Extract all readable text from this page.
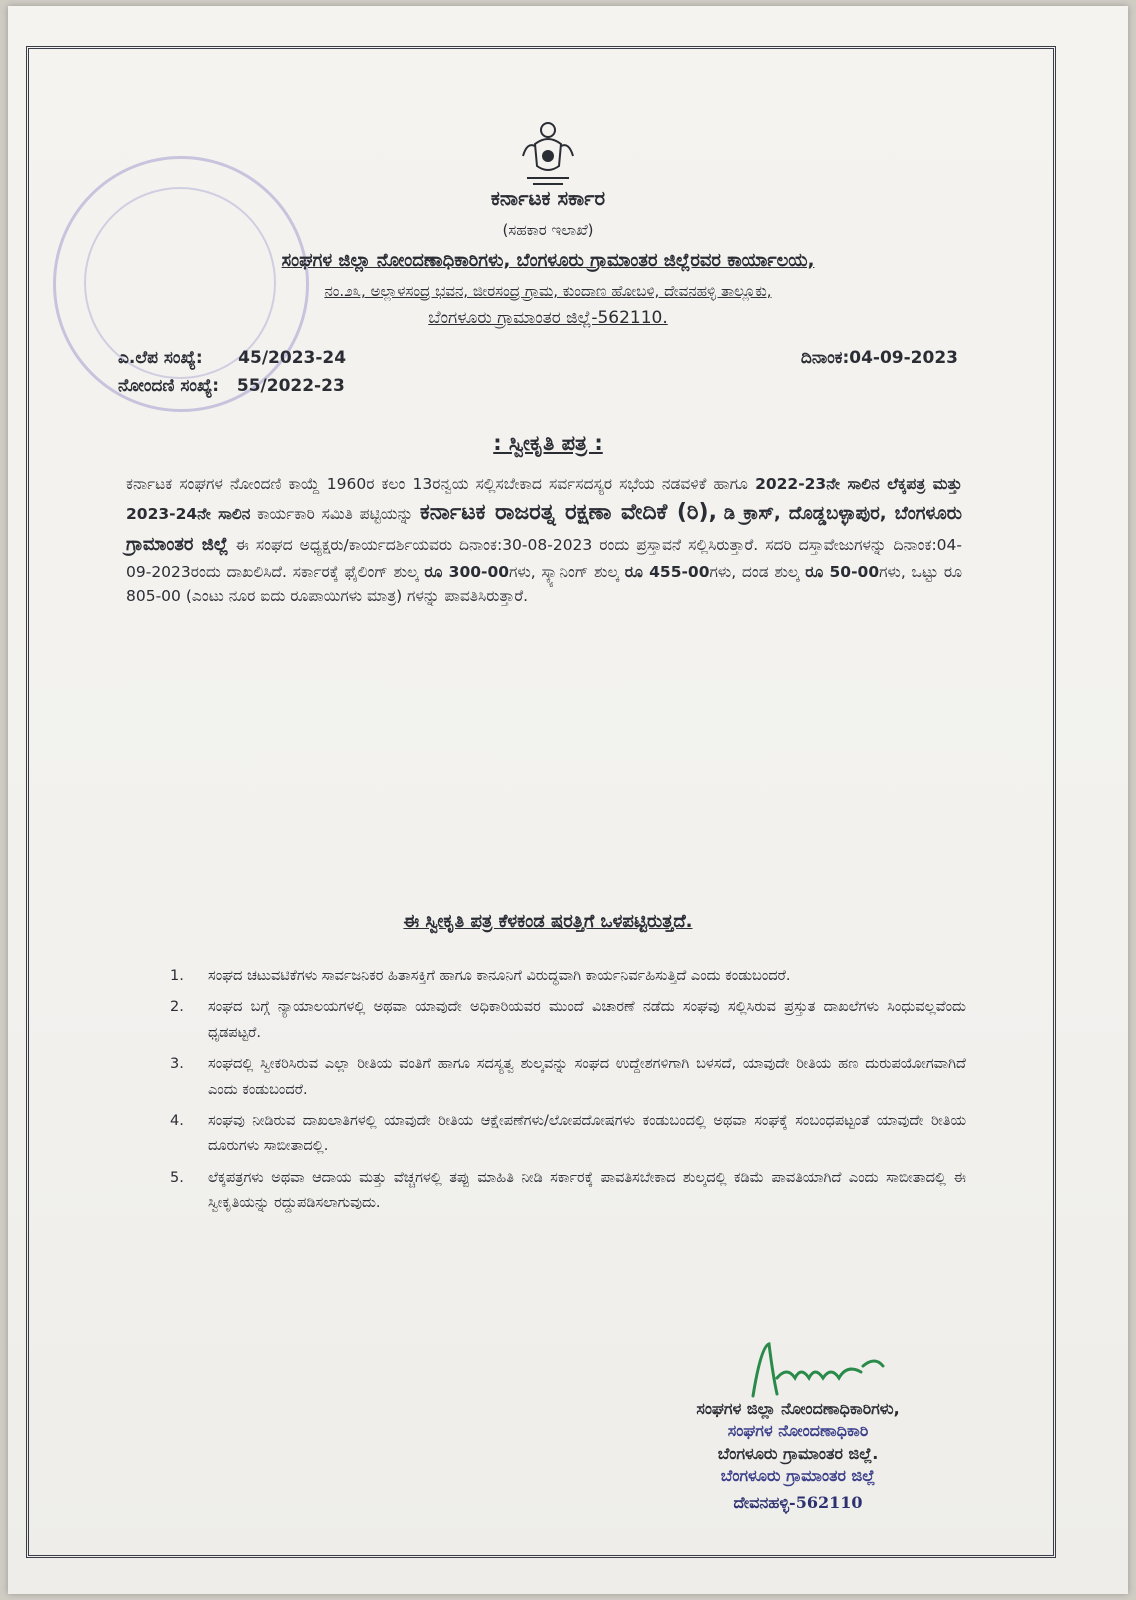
ಕರ್ನಾಟಕ ಸರ್ಕಾರ
(ಸಹಕಾರ ಇಲಾಖೆ)
ಸಂಘಗಳ ಜಿಲ್ಲಾ ನೋಂದಣಾಧಿಕಾರಿಗಳು, ಬೆಂಗಳೂರು ಗ್ರಾಮಾಂತರ ಜಿಲ್ಲೆರವರ ಕಾರ್ಯಾಲಯ,
ನಂ.೨೩, ಅಲ್ಲಾಳಸಂದ್ರ ಭವನ, ಜೀರಸಂದ್ರ ಗ್ರಾಮ, ಕುಂದಾಣ ಹೋಬಳಿ, ದೇವನಹಳ್ಳಿ ತಾಲ್ಲೂಕು,
ಬೆಂಗಳೂರು ಗ್ರಾಮಾಂತರ ಜಿಲ್ಲೆ-562110.
ಎ.ಲೆಪ ಸಂಖ್ಯೆ: 45/2023-24
ನೋಂದಣಿ ಸಂಖ್ಯೆ: 55/2022-23
ದಿನಾಂಕ:04-09-2023
: ಸ್ವೀಕೃತಿ ಪತ್ರ :

ಕರ್ನಾಟಕ ಸಂಘಗಳ ನೋಂದಣಿ ಕಾಯ್ದೆ 1960ರ ಕಲಂ 13ರನ್ವಯ ಸಲ್ಲಿಸಬೇಕಾದ ಸರ್ವಸದಸ್ಯರ ಸಭೆಯ ನಡವಳಿಕೆ ಹಾಗೂ 2022-23ನೇ ಸಾಲಿನ ಲೆಕ್ಕಪತ್ರ ಮತ್ತು 2023-24ನೇ ಸಾಲಿನ ಕಾರ್ಯಕಾರಿ ಸಮಿತಿ ಪಟ್ಟಿಯನ್ನು ಕರ್ನಾಟಕ ರಾಜರತ್ನ ರಕ್ಷಣಾ ವೇದಿಕೆ (ರಿ), ಡಿ ಕ್ರಾಸ್, ದೊಡ್ಡಬಳ್ಳಾಪುರ, ಬೆಂಗಳೂರು ಗ್ರಾಮಾಂತರ ಜಿಲ್ಲೆ ಈ ಸಂಘದ ಅಧ್ಯಕ್ಷರು/ಕಾರ್ಯದರ್ಶಿಯವರು ದಿನಾಂಕ:30-08-2023 ರಂದು ಪ್ರಸ್ತಾವನೆ ಸಲ್ಲಿಸಿರುತ್ತಾರೆ. ಸದರಿ ದಸ್ತಾವೇಜುಗಳನ್ನು ದಿನಾಂಕ:04-09-2023ರಂದು ದಾಖಲಿಸಿದೆ. ಸರ್ಕಾರಕ್ಕೆ ಫೈಲಿಂಗ್ ಶುಲ್ಕ ರೂ 300-00ಗಳು, ಸ್ಕ್ಯಾನಿಂಗ್ ಶುಲ್ಕ ರೂ 455-00ಗಳು, ದಂಡ ಶುಲ್ಕ ರೂ 50-00ಗಳು, ಒಟ್ಟು ರೂ 805-00 (ಎಂಟು ನೂರ ಐದು ರೂಪಾಯಿಗಳು ಮಾತ್ರ) ಗಳನ್ನು ಪಾವತಿಸಿರುತ್ತಾರೆ.

ಈ ಸ್ವೀಕೃತಿ ಪತ್ರ ಕೆಳಕಂಡ ಷರತ್ತಿಗೆ ಒಳಪಟ್ಟಿರುತ್ತದೆ.
1. ಸಂಘದ ಚಟುವಟಿಕೆಗಳು ಸಾರ್ವಜನಿಕರ ಹಿತಾಸಕ್ತಿಗೆ ಹಾಗೂ ಕಾನೂನಿಗೆ ವಿರುದ್ಧವಾಗಿ ಕಾರ್ಯನಿರ್ವಹಿಸುತ್ತಿದೆ ಎಂದು ಕಂಡುಬಂದರೆ.
2. ಸಂಘದ ಬಗ್ಗೆ ನ್ಯಾಯಾಲಯಗಳಲ್ಲಿ ಅಥವಾ ಯಾವುದೇ ಅಧಿಕಾರಿಯವರ ಮುಂದೆ ವಿಚಾರಣೆ ನಡೆದು ಸಂಘವು ಸಲ್ಲಿಸಿರುವ ಪ್ರಸ್ತುತ ದಾಖಲೆಗಳು ಸಿಂಧುವಲ್ಲವೆಂದು ಧೃಡಪಟ್ಟರೆ.
3. ಸಂಘದಲ್ಲಿ ಸ್ವೀಕರಿಸಿರುವ ಎಲ್ಲಾ ರೀತಿಯ ವಂತಿಗೆ ಹಾಗೂ ಸದಸ್ಯತ್ವ ಶುಲ್ಕವನ್ನು ಸಂಘದ ಉದ್ದೇಶಗಳಿಗಾಗಿ ಬಳಸದೆ, ಯಾವುದೇ ರೀತಿಯ ಹಣ ದುರುಪಯೋಗವಾಗಿದೆ ಎಂದು ಕಂಡುಬಂದರೆ.
4. ಸಂಘವು ನೀಡಿರುವ ದಾಖಲಾತಿಗಳಲ್ಲಿ ಯಾವುದೇ ರೀತಿಯ ಆಕ್ಷೇಪಣೆಗಳು/ಲೋಪದೋಷಗಳು ಕಂಡುಬಂದಲ್ಲಿ ಅಥವಾ ಸಂಘಕ್ಕೆ ಸಂಬಂಧಪಟ್ಟಂತೆ ಯಾವುದೇ ರೀತಿಯ ದೂರುಗಳು ಸಾಬೀತಾದಲ್ಲಿ.
5. ಲೆಕ್ಕಪತ್ರಗಳು ಅಥವಾ ಆದಾಯ ಮತ್ತು ವೆಚ್ಚಗಳಲ್ಲಿ ತಪ್ಪು ಮಾಹಿತಿ ನೀಡಿ ಸರ್ಕಾರಕ್ಕೆ ಪಾವತಿಸಬೇಕಾದ ಶುಲ್ಕದಲ್ಲಿ ಕಡಿಮೆ ಪಾವತಿಯಾಗಿದೆ ಎಂದು ಸಾಬೀತಾದಲ್ಲಿ ಈ ಸ್ವೀಕೃತಿಯನ್ನು ರದ್ದುಪಡಿಸಲಾಗುವುದು.
ಸಂಘಗಳ ಜಿಲ್ಲಾ ನೋಂದಣಾಧಿಕಾರಿಗಳು,
ಸಂಘಗಳ ನೋಂದಣಾಧಿಕಾರಿ
ಬೆಂಗಳೂರು ಗ್ರಾಮಾಂತರ ಜಿಲ್ಲೆ.
ಬೆಂಗಳೂರು ಗ್ರಾಮಾಂತರ ಜಿಲ್ಲೆ
ದೇವನಹಳ್ಳಿ-562110
